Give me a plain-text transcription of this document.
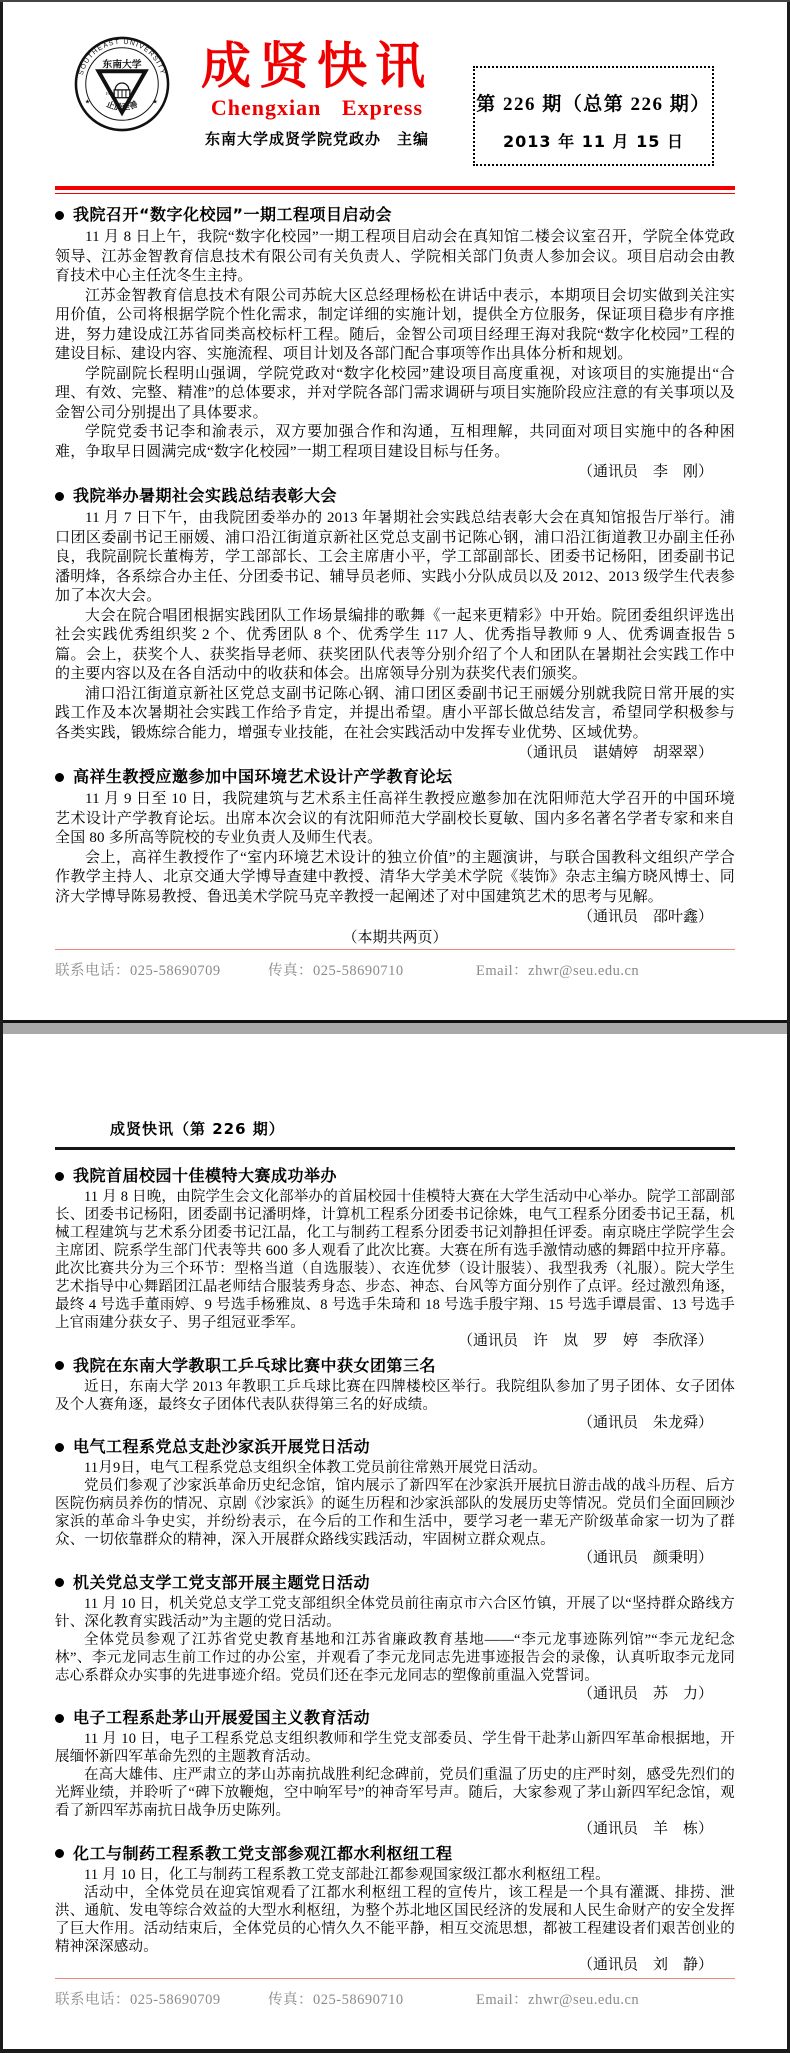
SOUTHEAST UNIVERSITY
东南大学
1902
止於至善
★	★
成贤快讯
Chengxian Express
东南大学成贤学院党政办　主编
第 226 期（总第 226 期）
2013 年 11 月 15 日
我院召开“数字化校园”一期工程项目启动会

11 月 8 日上午，我院“数字化校园”一期工程项目启动会在真知馆二楼会议室召开，学院全体党政领导、江苏金智教育信息技术有限公司有关负责人、学院相关部门负责人参加会议。项目启动会由教育技术中心主任沈冬生主持。

江苏金智教育信息技术有限公司苏皖大区总经理杨松在讲话中表示，本期项目会切实做到关注实用价值，公司将根据学院个性化需求，制定详细的实施计划，提供全方位服务，保证项目稳步有序推进，努力建设成江苏省同类高校标杆工程。随后，金智公司项目经理王海对我院“数字化校园”工程的建设目标、建设内容、实施流程、项目计划及各部门配合事项等作出具体分析和规划。

学院副院长程明山强调，学院党政对“数字化校园”建设项目高度重视，对该项目的实施提出“合理、有效、完整、精准”的总体要求，并对学院各部门需求调研与项目实施阶段应注意的有关事项以及金智公司分别提出了具体要求。

学院党委书记李和渝表示，双方要加强合作和沟通，互相理解，共同面对项目实施中的各种困难，争取早日圆满完成“数字化校园”一期工程项目建设目标与任务。

（通讯员　李　刚）

我院举办暑期社会实践总结表彰大会

11 月 7 日下午，由我院团委举办的 2013 年暑期社会实践总结表彰大会在真知馆报告厅举行。浦口团区委副书记王丽媛、浦口沿江街道京新社区党总支副书记陈心钢，浦口沿江街道教卫办副主任孙良，我院副院长董梅芳，学工部部长、工会主席唐小平，学工部副部长、团委书记杨阳，团委副书记潘明烽，各系综合办主任、分团委书记、辅导员老师、实践小分队成员以及 2012、2013 级学生代表参加了本次大会。

大会在院合唱团根据实践团队工作场景编排的歌舞《一起来更精彩》中开始。院团委组织评选出社会实践优秀组织奖 2 个、优秀团队 8 个、优秀学生 117 人、优秀指导教师 9 人、优秀调查报告 5 篇。会上，获奖个人、获奖指导老师、获奖团队代表等分别介绍了个人和团队在暑期社会实践工作中的主要内容以及在各自活动中的收获和体会。出席领导分别为获奖代表们颁奖。

浦口沿江街道京新社区党总支副书记陈心钢、浦口团区委副书记王丽媛分别就我院日常开展的实践工作及本次暑期社会实践工作给予肯定，并提出希望。唐小平部长做总结发言，希望同学积极参与各类实践，锻炼综合能力，增强专业技能，在社会实践活动中发挥专业优势、区域优势。

（通讯员　谌婧婷　胡翠翠）

高祥生教授应邀参加中国环境艺术设计产学教育论坛

11 月 9 日至 10 日，我院建筑与艺术系主任高祥生教授应邀参加在沈阳师范大学召开的中国环境艺术设计产学教育论坛。出席本次会议的有沈阳师范大学副校长夏敏、国内多名著名学者专家和来自全国 80 多所高等院校的专业负责人及师生代表。

会上，高祥生教授作了“室内环境艺术设计的独立价值”的主题演讲，与联合国教科文组织产学合作教学主持人、北京交通大学博导查建中教授、清华大学美术学院《装饰》杂志主编方晓风博士、同济大学博导陈易教授、鲁迅美术学院马克辛教授一起阐述了对中国建筑艺术的思考与见解。

（通讯员　邵叶鑫）

（本期共两页）
联系电话：025-58690709	传真：025-58690710	Email：zhwr@seu.edu.cn
成贤快讯（第 226 期）
我院首届校园十佳模特大赛成功举办

11 月 8 日晚，由院学生会文化部举办的首届校园十佳模特大赛在大学生活动中心举办。院学工部副部长、团委书记杨阳，团委副书记潘明烽，计算机工程系分团委书记徐姝，电气工程系分团委书记王磊，机械工程建筑与艺术系分团委书记江晶，化工与制药工程系分团委书记刘静担任评委。南京晓庄学院学生会主席团、院系学生部门代表等共 600 多人观看了此次比赛。大赛在所有选手激情动感的舞蹈中拉开序幕。此次比赛共分为三个环节：型格当道（自选服装）、衣连优梦（设计服装）、我型我秀（礼服）。院大学生艺术指导中心舞蹈团江晶老师结合服装秀身态、步态、神态、台风等方面分别作了点评。经过激烈角逐，最终 4 号选手董雨婷、9 号选手杨雅岚、8 号选手朱琦和 18 号选手殷宇翔、15 号选手谭晨雷、13 号选手上官雨建分获女子、男子组冠亚季军。

（通讯员　许　岚　罗　婷　李欣泽）

我院在东南大学教职工乒乓球比赛中获女团第三名

近日，东南大学 2013 年教职工乒乓球比赛在四牌楼校区举行。我院组队参加了男子团体、女子团体及个人赛角逐，最终女子团体代表队获得第三名的好成绩。

（通讯员　朱龙舜）

电气工程系党总支赴沙家浜开展党日活动

11月9日，电气工程系党总支组织全体教工党员前往常熟开展党日活动。

党员们参观了沙家浜革命历史纪念馆，馆内展示了新四军在沙家浜开展抗日游击战的战斗历程、后方医院伤病员养伤的情况、京剧《沙家浜》的诞生历程和沙家浜部队的发展历史等情况。党员们全面回顾沙家浜的革命斗争史实，并纷纷表示，在今后的工作和生活中，要学习老一辈无产阶级革命家一切为了群众、一切依靠群众的精神，深入开展群众路线实践活动，牢固树立群众观点。

（通讯员　颜秉明）

机关党总支学工党支部开展主题党日活动

11 月 10 日，机关党总支学工党支部组织全体党员前往南京市六合区竹镇，开展了以“坚持群众路线方针、深化教育实践活动”为主题的党日活动。

全体党员参观了江苏省党史教育基地和江苏省廉政教育基地——“李元龙事迹陈列馆”“李元龙纪念林”、李元龙同志生前工作过的办公室，并观看了李元龙同志先进事迹报告会的录像，认真听取李元龙同志心系群众办实事的先进事迹介绍。党员们还在李元龙同志的塑像前重温入党誓词。

（通讯员　苏　力）

电子工程系赴茅山开展爱国主义教育活动

11 月 10 日，电子工程系党总支组织教师和学生党支部委员、学生骨干赴茅山新四军革命根据地，开展缅怀新四军革命先烈的主题教育活动。

在高大雄伟、庄严肃立的茅山苏南抗战胜利纪念碑前，党员们重温了历史的庄严时刻，感受先烈们的光辉业绩，并聆听了“碑下放鞭炮，空中响军号”的神奇军号声。随后，大家参观了茅山新四军纪念馆，观看了新四军苏南抗日战争历史陈列。

（通讯员　羊　栋）

化工与制药工程系教工党支部参观江都水利枢纽工程

11 月 10 日，化工与制药工程系教工党支部赴江都参观国家级江都水利枢纽工程。

活动中，全体党员在迎宾馆观看了江都水利枢纽工程的宣传片，该工程是一个具有灌溉、排捞、泄洪、通航、发电等综合效益的大型水利枢纽，为整个苏北地区国民经济的发展和人民生命财产的安全发挥了巨大作用。活动结束后，全体党员的心情久久不能平静，相互交流思想，都被工程建设者们艰苦创业的精神深深感动。

（通讯员　刘　静）

联系电话：025-58690709	传真：025-58690710	Email：zhwr@seu.edu.cn
